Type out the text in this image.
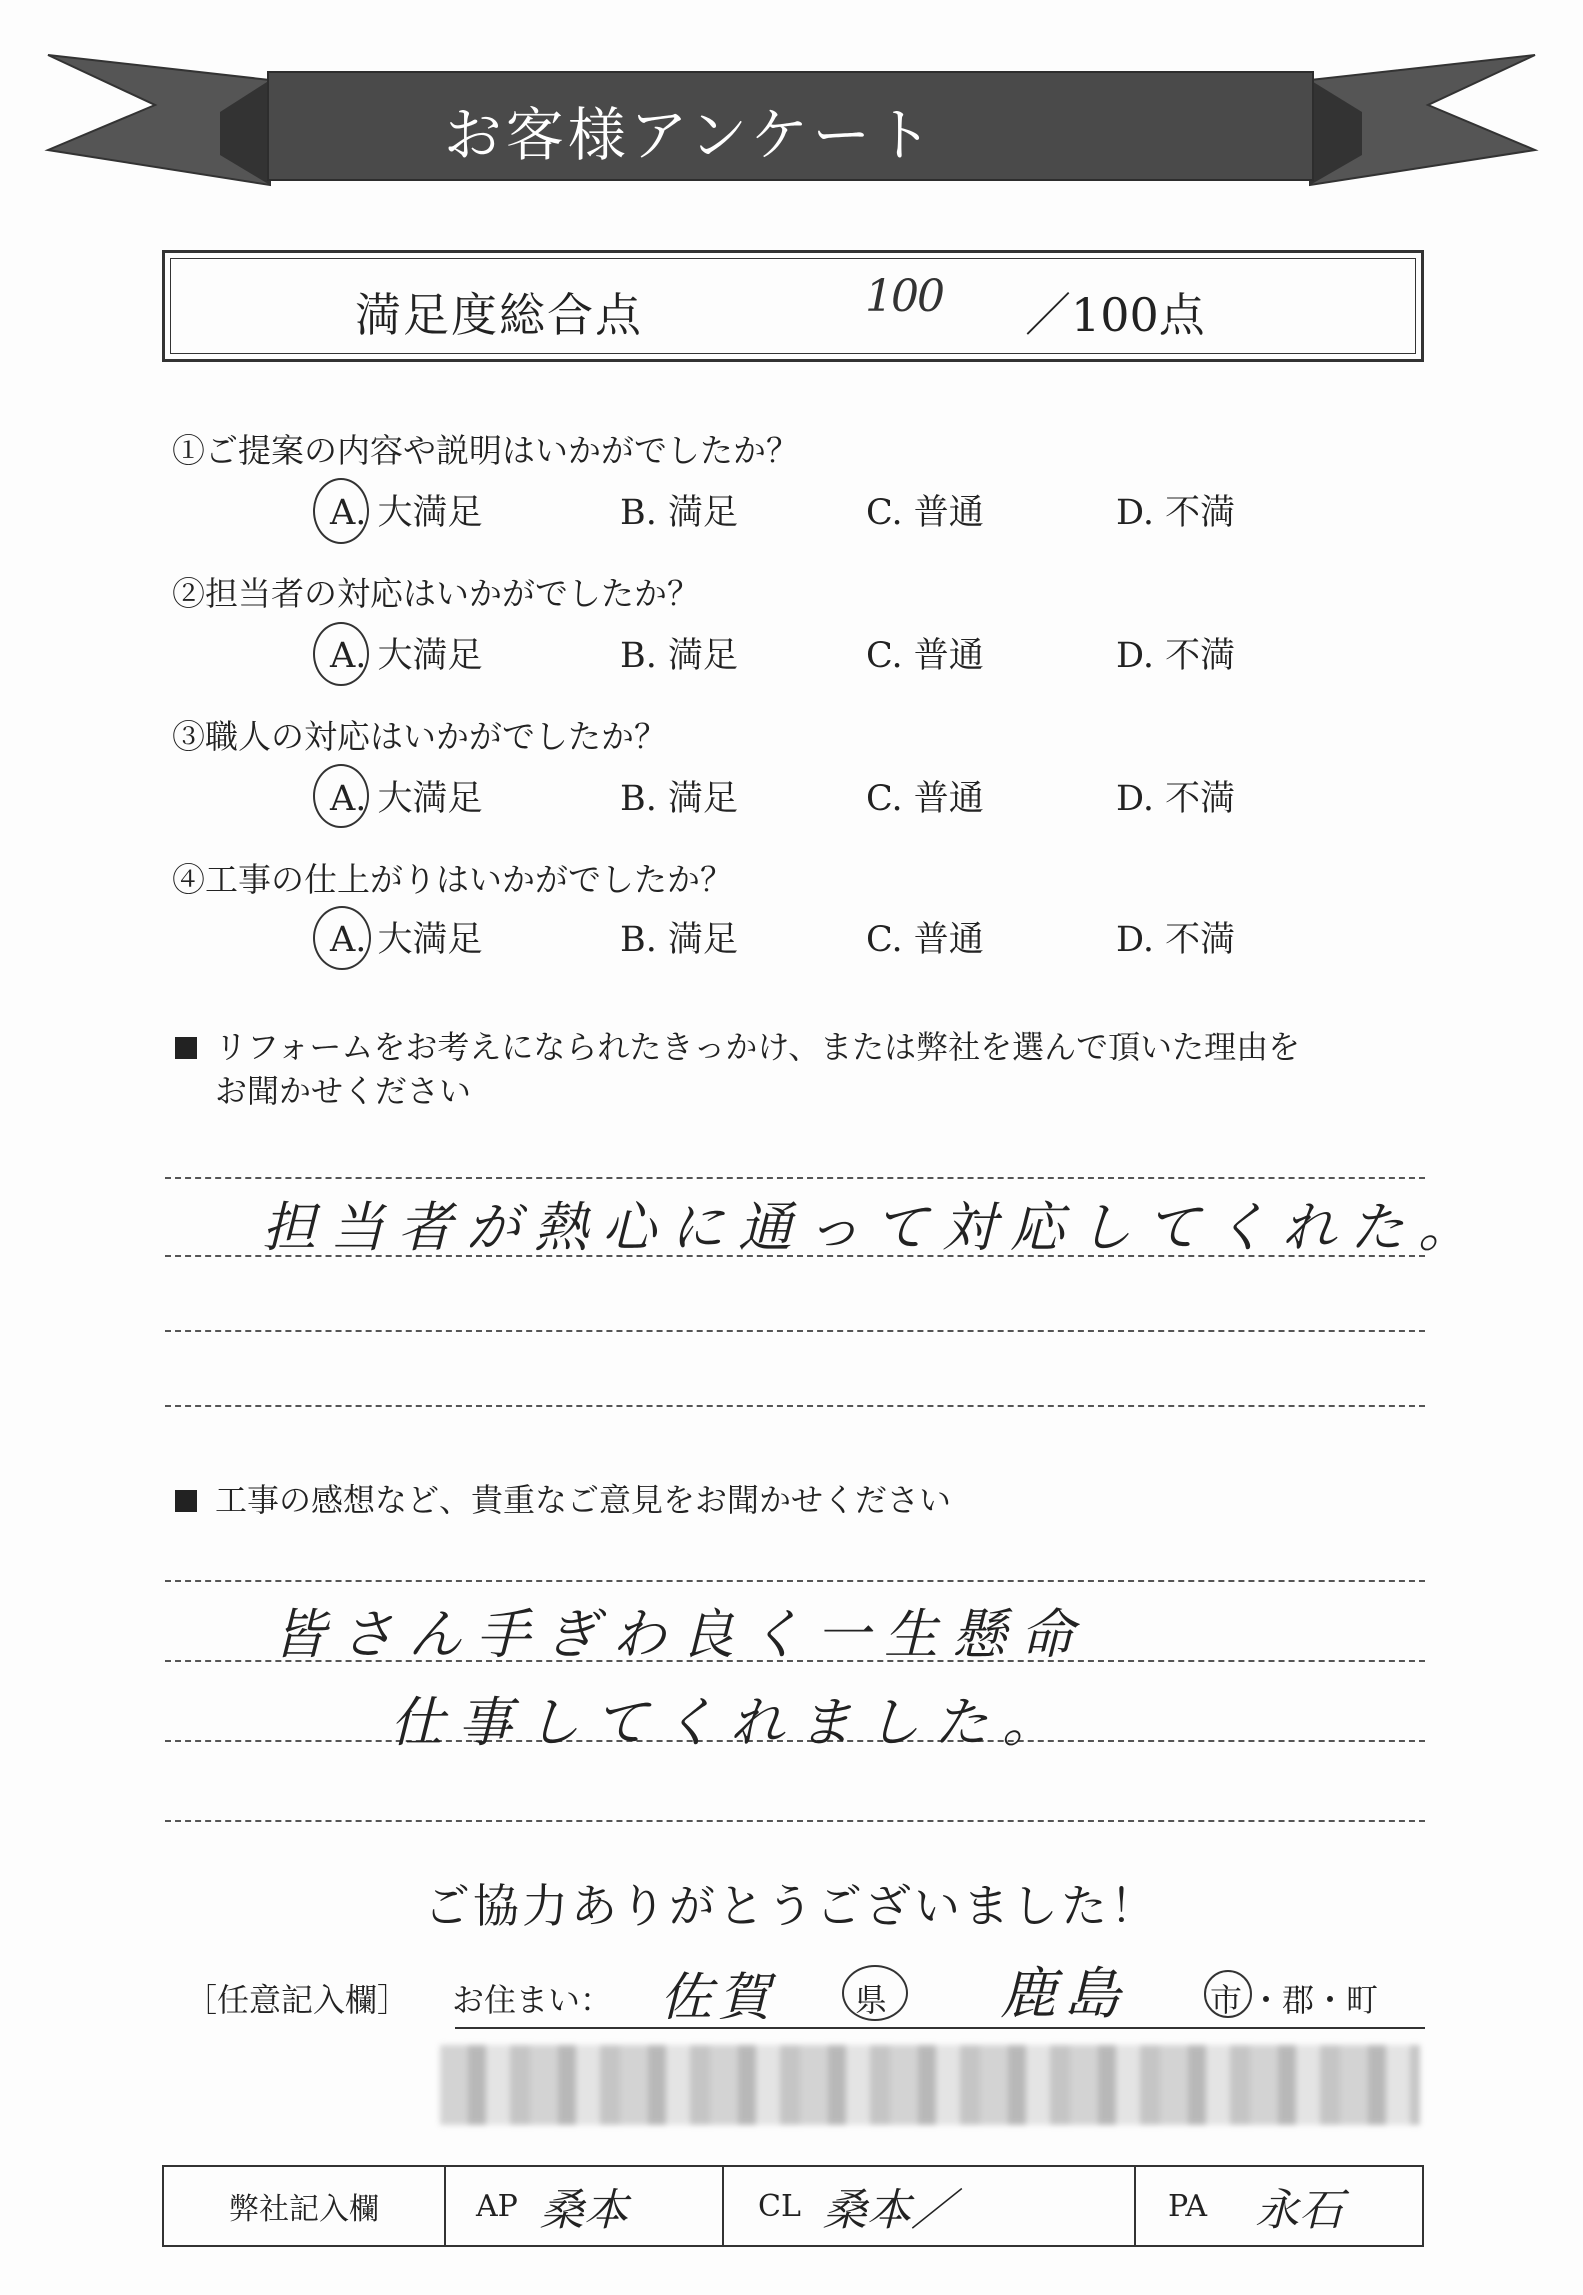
お客様アンケート
満足度総合点	100 ／100点
①ご提案の内容や説明はいかがでしたか？
A. 大満足	B. 満足	C. 普通	D. 不満
②担当者の対応はいかがでしたか？
A. 大満足	B. 満足	C. 普通	D. 不満
③職人の対応はいかがでしたか？
A. 大満足	B. 満足	C. 普通	D. 不満
④工事の仕上がりはいかがでしたか？
A. 大満足	B. 満足	C. 普通	D. 不満
リフォームをお考えになられたきっかけ、または弊社を選んで頂いた理由を
お聞かせください
担当者が熱心に通って対応してくれた。
工事の感想など、貴重なご意見をお聞かせください
皆さん手ぎわ良く一生懸命
仕事してくれました。
ご協力ありがとうございました！
［任意記入欄］ お住まい： 佐賀 県 鹿島	市 ・郡・町
弊社記入欄	AP 桑本	CL 桑本／	PA 永石
